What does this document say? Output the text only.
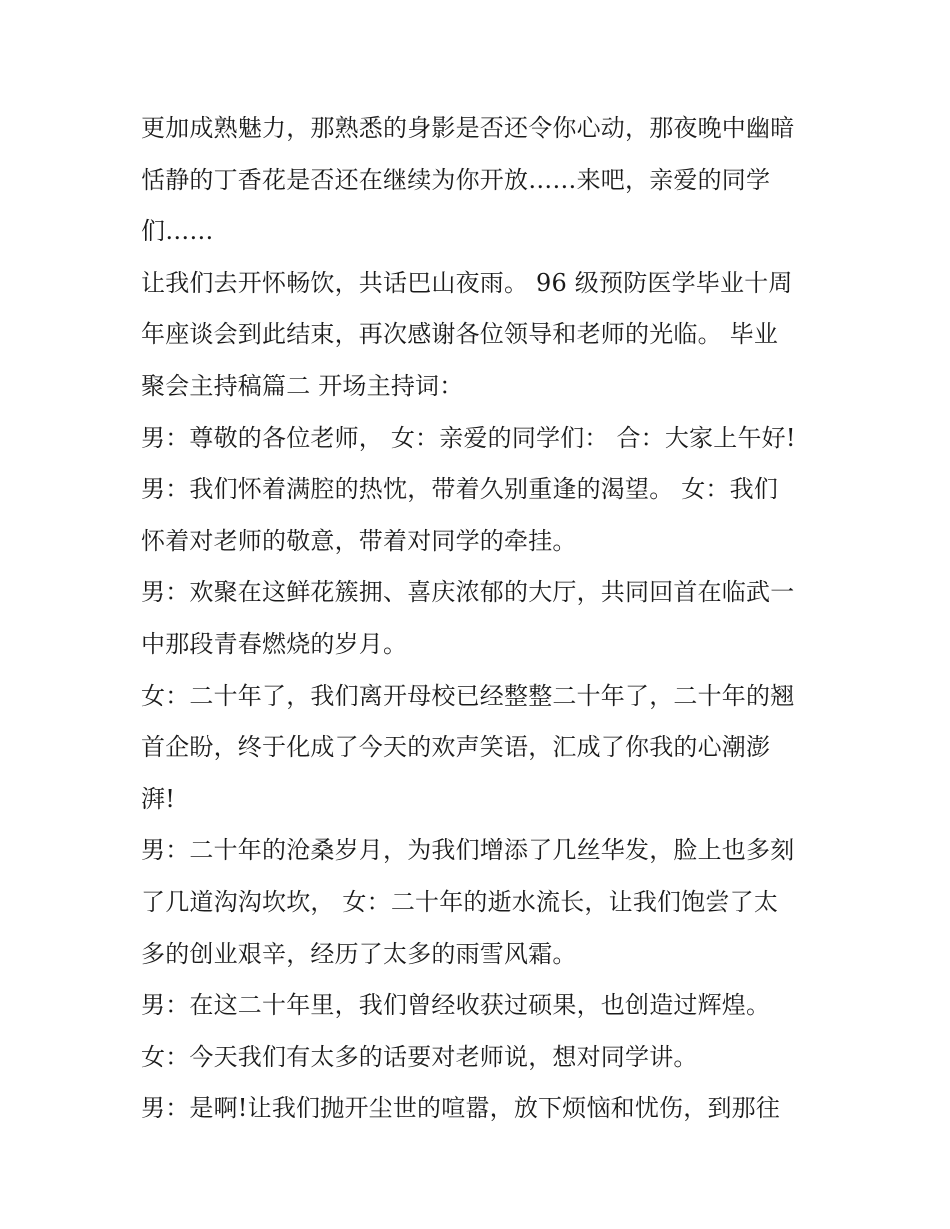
更加成熟魅力，那熟悉的身影是否还令你心动，那夜晚中幽暗
恬静的丁香花是否还在继续为你开放……来吧，亲爱的同学
们……
让我们去开怀畅饮，共话巴山夜雨。 96 级预防医学毕业十周
年座谈会到此结束，再次感谢各位领导和老师的光临。 毕业
聚会主持稿篇二 开场主持词：
男：尊敬的各位老师， 女：亲爱的同学们： 合：大家上午好!
男：我们怀着满腔的热忱，带着久别重逢的渴望。 女：我们
怀着对老师的敬意，带着对同学的牵挂。
男：欢聚在这鲜花簇拥、喜庆浓郁的大厅，共同回首在临武一
中那段青春燃烧的岁月。
女：二十年了，我们离开母校已经整整二十年了，二十年的翘
首企盼，终于化成了今天的欢声笑语，汇成了你我的心潮澎
湃!
男：二十年的沧桑岁月，为我们增添了几丝华发，脸上也多刻
了几道沟沟坎坎， 女：二十年的逝水流长，让我们饱尝了太
多的创业艰辛，经历了太多的雨雪风霜。
男：在这二十年里，我们曾经收获过硕果，也创造过辉煌。
女：今天我们有太多的话要对老师说，想对同学讲。
男：是啊!让我们抛开尘世的喧嚣，放下烦恼和忧伤，到那往
